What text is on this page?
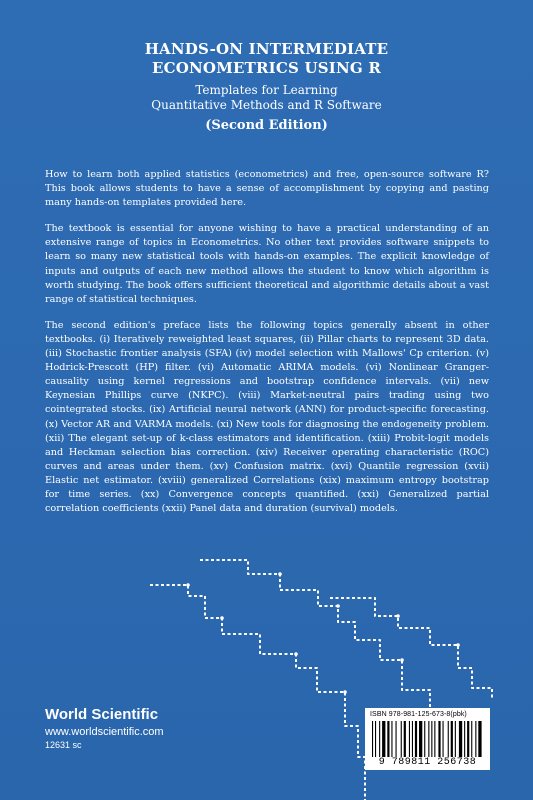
HANDS-ON INTERMEDIATE
ECONOMETRICS USING R
Templates for Learning
Quantitative Methods and R Software
(Second Edition)

How to learn both applied statistics (econometrics) and free, open-source software R? This book allows students to have a sense of accomplishment by copying and pasting many hands-on templates provided here.

The textbook is essential for anyone wishing to have a practical understanding of an extensive range of topics in Econometrics. No other text provides software snippets to learn so many new statistical tools with hands-on examples. The explicit knowledge of inputs and outputs of each new method allows the student to know which algorithm is worth studying. The book offers sufficient theoretical and algorithmic details about a vast range of statistical techniques.

The second edition's preface lists the following topics generally absent in other textbooks. (i) Iteratively reweighted least squares, (ii) Pillar charts to represent 3D data. (iii) Stochastic frontier analysis (SFA) (iv) model selection with Mallows' Cp criterion. (v) Hodrick-Prescott (HP) filter. (vi) Automatic ARIMA models. (vi) Nonlinear Granger-causality using kernel regressions and bootstrap confidence intervals. (vii) new Keynesian Phillips curve (NKPC). (viii) Market-neutral pairs trading using two cointegrated stocks. (ix) Artificial neural network (ANN) for product-specific forecasting. (x) Vector AR and VARMA models. (xi) New tools for diagnosing the endogeneity problem. (xii) The elegant set-up of k-class estimators and identification. (xiii) Probit-logit models and Heckman selection bias correction. (xiv) Receiver operating characteristic (ROC) curves and areas under them. (xv) Confusion matrix. (xvi) Quantile regression (xvii) Elastic net estimator. (xviii) generalized Correlations (xix) maximum entropy bootstrap for time series. (xx) Convergence concepts quantified. (xxi) Generalized partial correlation coefficients (xxii) Panel data and duration (survival) models.

World Scientific
www.worldscientific.com
12631 sc
ISBN 978-981-125-673-8(pbk)
9 789811 256738
